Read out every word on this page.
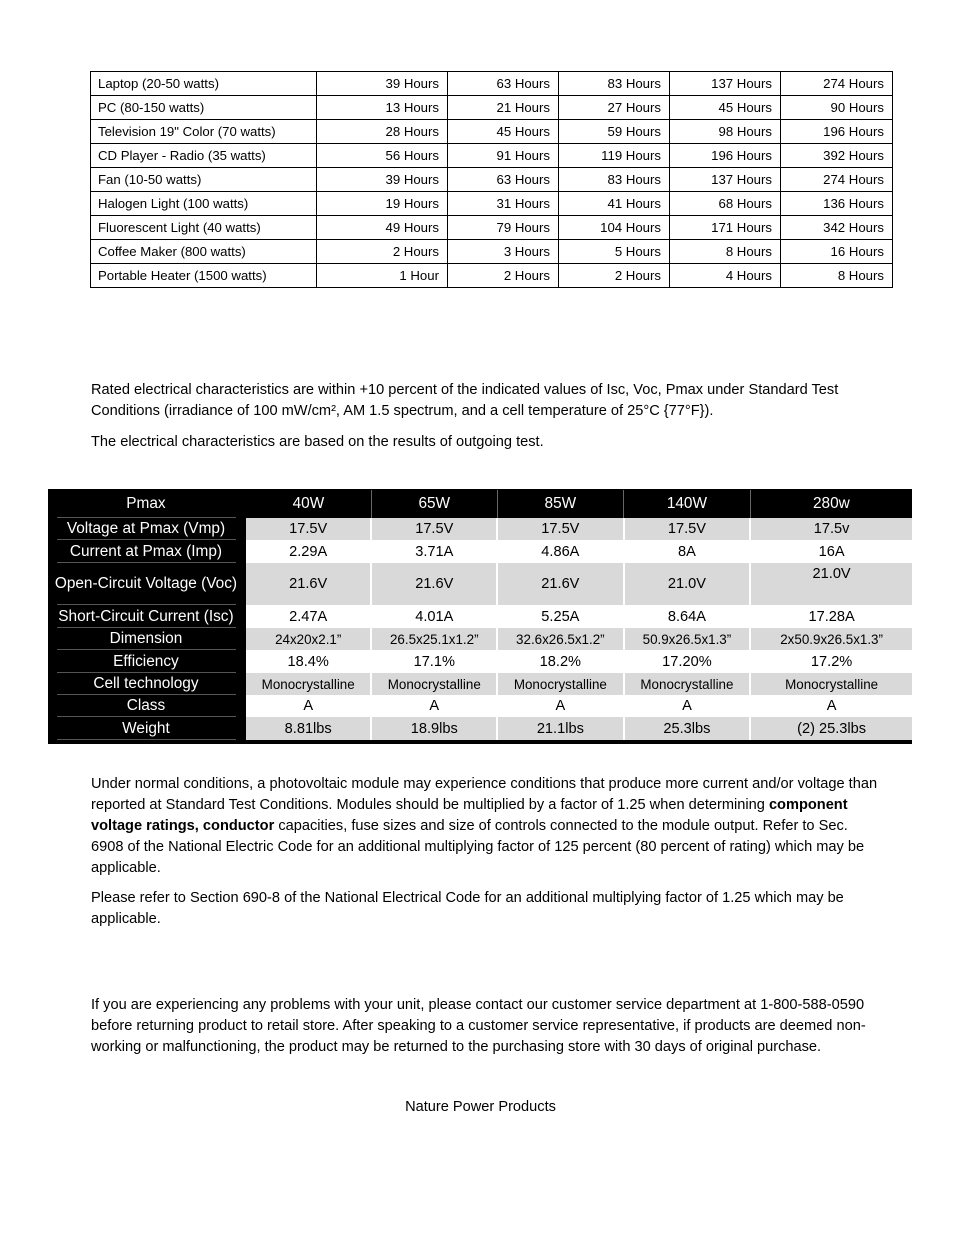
Laptop (20-50 watts)	39 Hours	63 Hours	83 Hours	137 Hours	274 Hours
PC (80-150 watts)	13 Hours	21 Hours	27 Hours	45 Hours	90 Hours
Television 19" Color (70 watts)	28 Hours	45 Hours	59 Hours	98 Hours	196 Hours
CD Player - Radio (35 watts)	56 Hours	91 Hours	119 Hours	196 Hours	392 Hours
Fan (10-50 watts)	39 Hours	63 Hours	83 Hours	137 Hours	274 Hours
Halogen Light (100 watts)	19 Hours	31 Hours	41 Hours	68 Hours	136 Hours
Fluorescent Light (40 watts)	49 Hours	79 Hours	104 Hours	171 Hours	342 Hours
Coffee Maker (800 watts)	2 Hours	3 Hours	5 Hours	8 Hours	16 Hours
Portable Heater (1500 watts)	1 Hour	2 Hours	2 Hours	4 Hours	8 Hours

Rated electrical characteristics are within +10 percent of the indicated values of Isc, Voc, Pmax under Standard Test Conditions (irradiance of 100 mW/cm², AM 1.5 spectrum, and a cell temperature of 25°C {77°F}).

The electrical characteristics are based on the results of outgoing test.

Pmax	40W	65W	85W	140W	280w
Voltage at Pmax (Vmp)	17.5V	17.5V	17.5V	17.5V	17.5v
Current at Pmax (Imp)	2.29A	3.71A	4.86A	8A	16A
Open-Circuit Voltage (Voc)	21.6V	21.6V	21.6V	21.0V	21.0V
Short-Circuit Current (Isc)	2.47A	4.01A	5.25A	8.64A	17.28A
Dimension	24x20x2.1”	26.5x25.1x1.2”	32.6x26.5x1.2”	50.9x26.5x1.3”	2x50.9x26.5x1.3”
Efficiency	18.4%	17.1%	18.2%	17.20%	17.2%
Cell technology	Monocrystalline	Monocrystalline	Monocrystalline	Monocrystalline	Monocrystalline
Class	A	A	A	A	A
Weight	8.81lbs	18.9lbs	21.1lbs	25.3lbs	(2) 25.3lbs

Under normal conditions, a photovoltaic module may experience conditions that produce more current and/or voltage than reported at Standard Test Conditions. Modules should be multiplied by a factor of 1.25 when determining component voltage ratings, conductor capacities, fuse sizes and size of controls connected to the module output. Refer to Sec. 6908 of the National Electric Code for an additional multiplying factor of 125 percent (80 percent of rating) which may be applicable.

Please refer to Section 690-8 of the National Electrical Code for an additional multiplying factor of 1.25 which may be applicable.

If you are experiencing any problems with your unit, please contact our customer service department at 1-800-588-0590 before returning product to retail store. After speaking to a customer service representative, if products are deemed non-working or malfunctioning, the product may be returned to the purchasing store with 30 days of original purchase.

Nature Power Products
